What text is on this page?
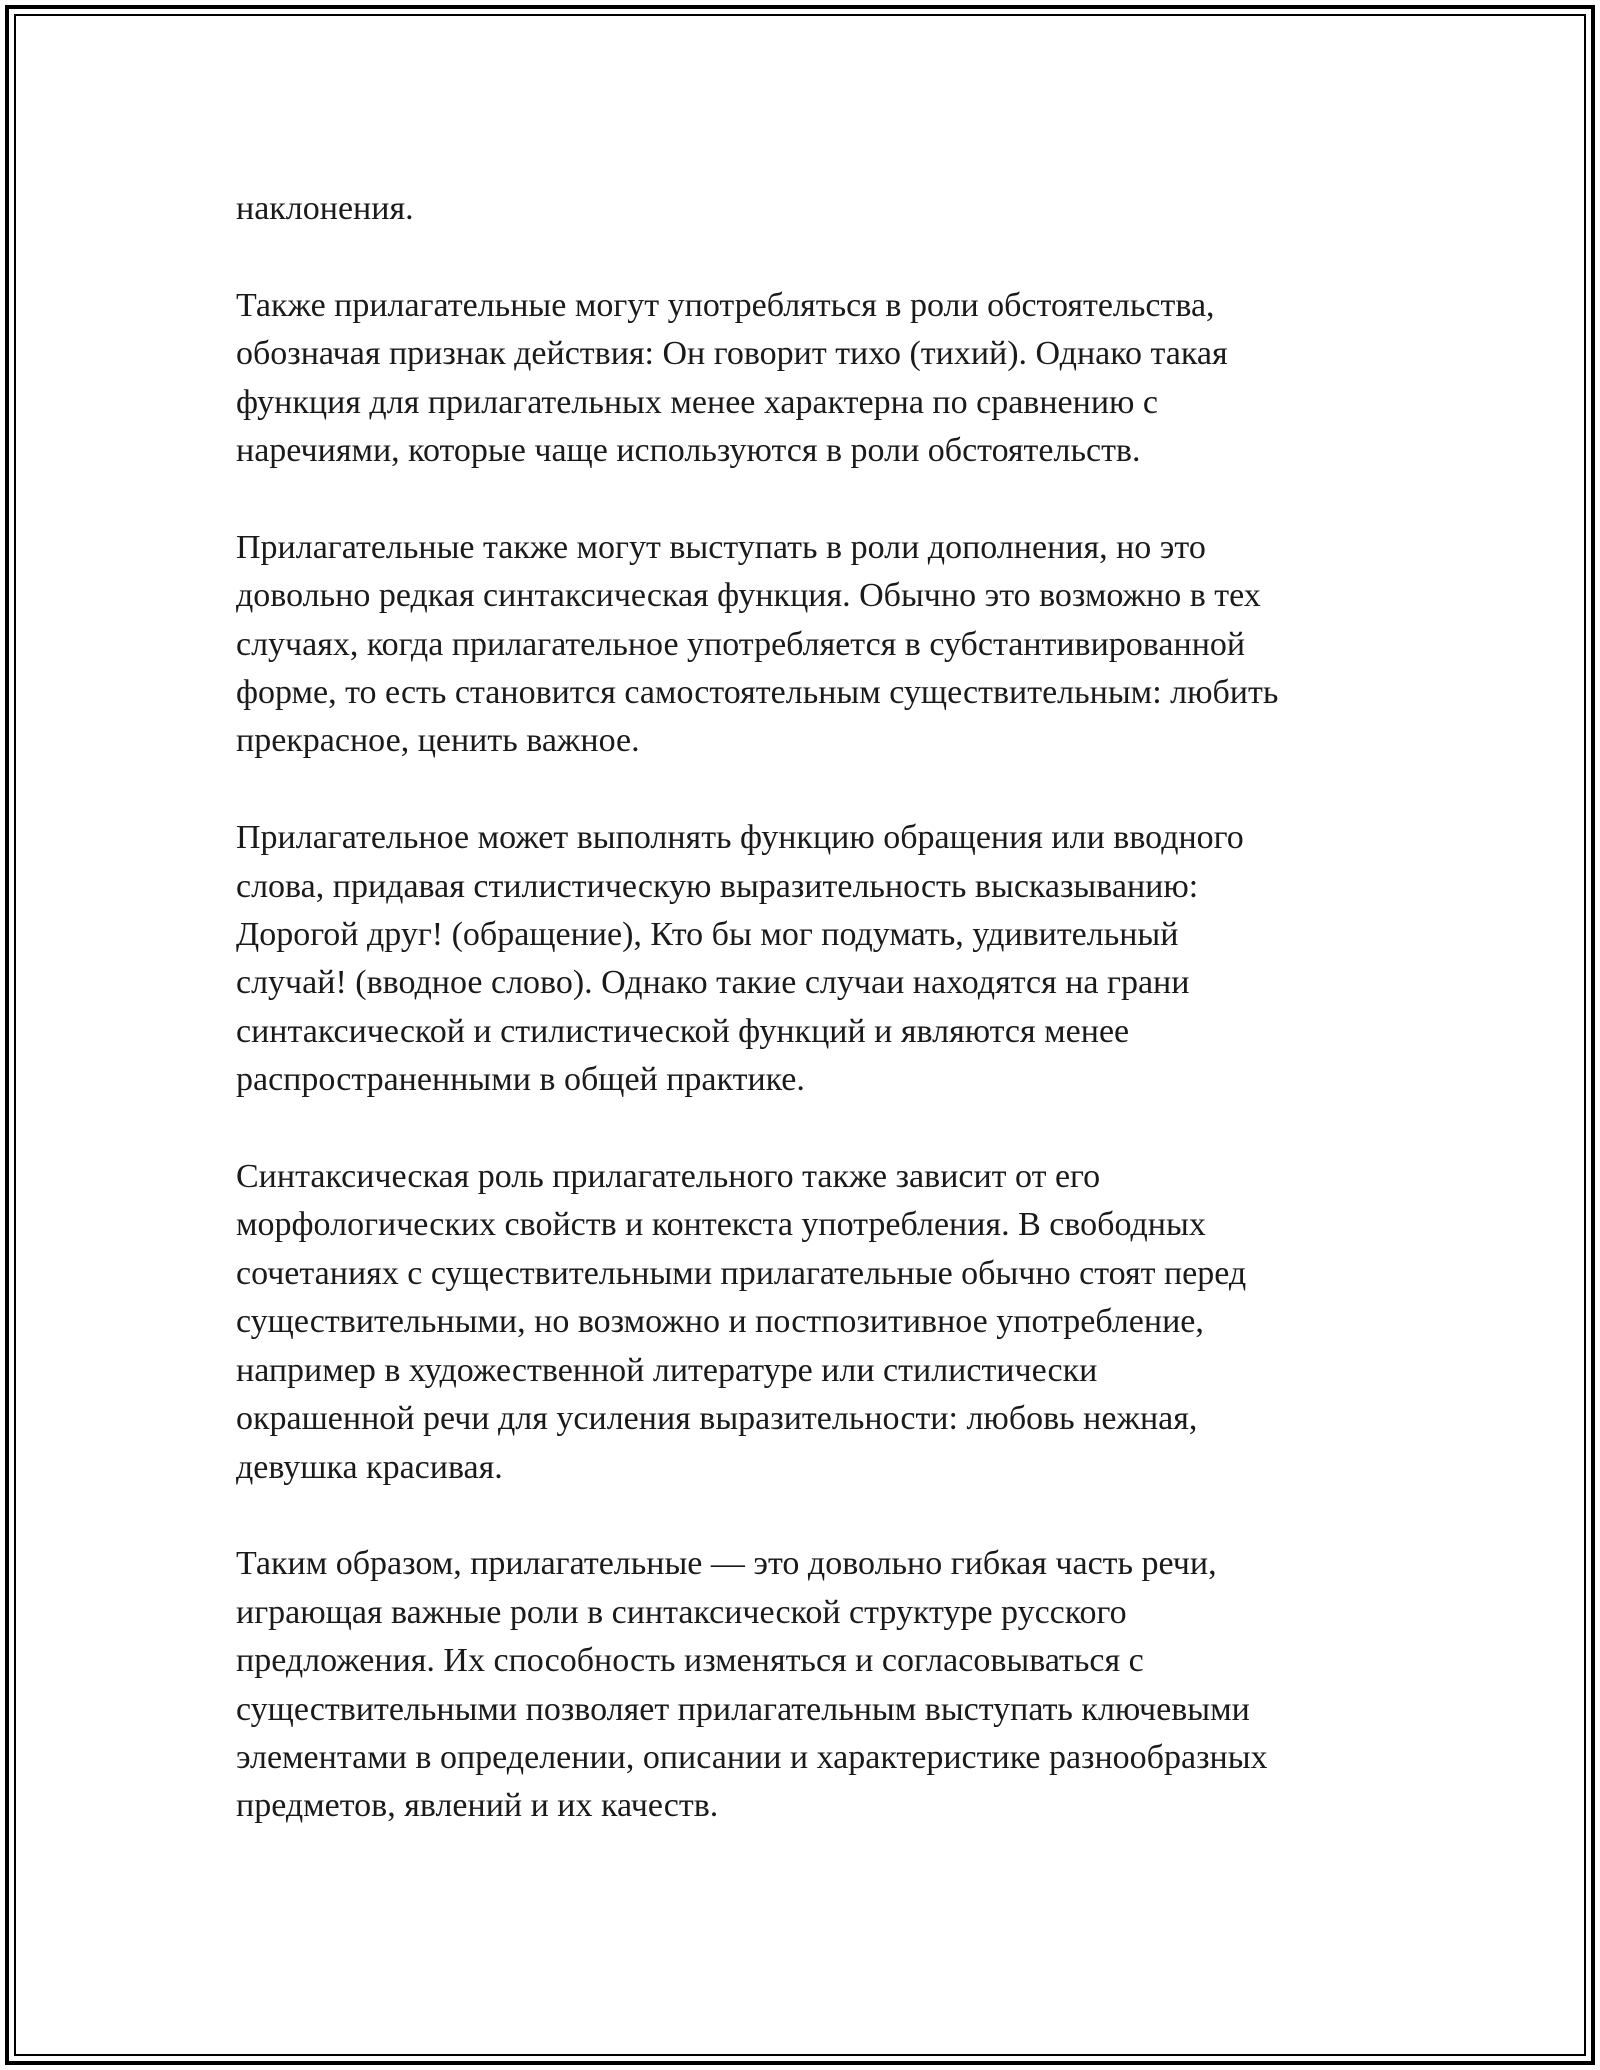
наклонения.

Также прилагательные могут употребляться в роли обстоятельства,
обозначая признак действия: Он говорит тихо (тихий). Однако такая
функция для прилагательных менее характерна по сравнению с
наречиями, которые чаще используются в роли обстоятельств.

Прилагательные также могут выступать в роли дополнения, но это
довольно редкая синтаксическая функция. Обычно это возможно в тех
случаях, когда прилагательное употребляется в субстантивированной
форме, то есть становится самостоятельным существительным: любить
прекрасное, ценить важное.

Прилагательное может выполнять функцию обращения или вводного
слова, придавая стилистическую выразительность высказыванию:
Дорогой друг! (обращение), Кто бы мог подумать, удивительный
случай! (вводное слово). Однако такие случаи находятся на грани
синтаксической и стилистической функций и являются менее
распространенными в общей практике.

Синтаксическая роль прилагательного также зависит от его
морфологических свойств и контекста употребления. В свободных
сочетаниях с существительными прилагательные обычно стоят перед
существительными, но возможно и постпозитивное употребление,
например в художественной литературе или стилистически
окрашенной речи для усиления выразительности: любовь нежная,
девушка красивая.

Таким образом, прилагательные — это довольно гибкая часть речи,
играющая важные роли в синтаксической структуре русского
предложения. Их способность изменяться и согласовываться с
существительными позволяет прилагательным выступать ключевыми
элементами в определении, описании и характеристике разнообразных
предметов, явлений и их качеств.
